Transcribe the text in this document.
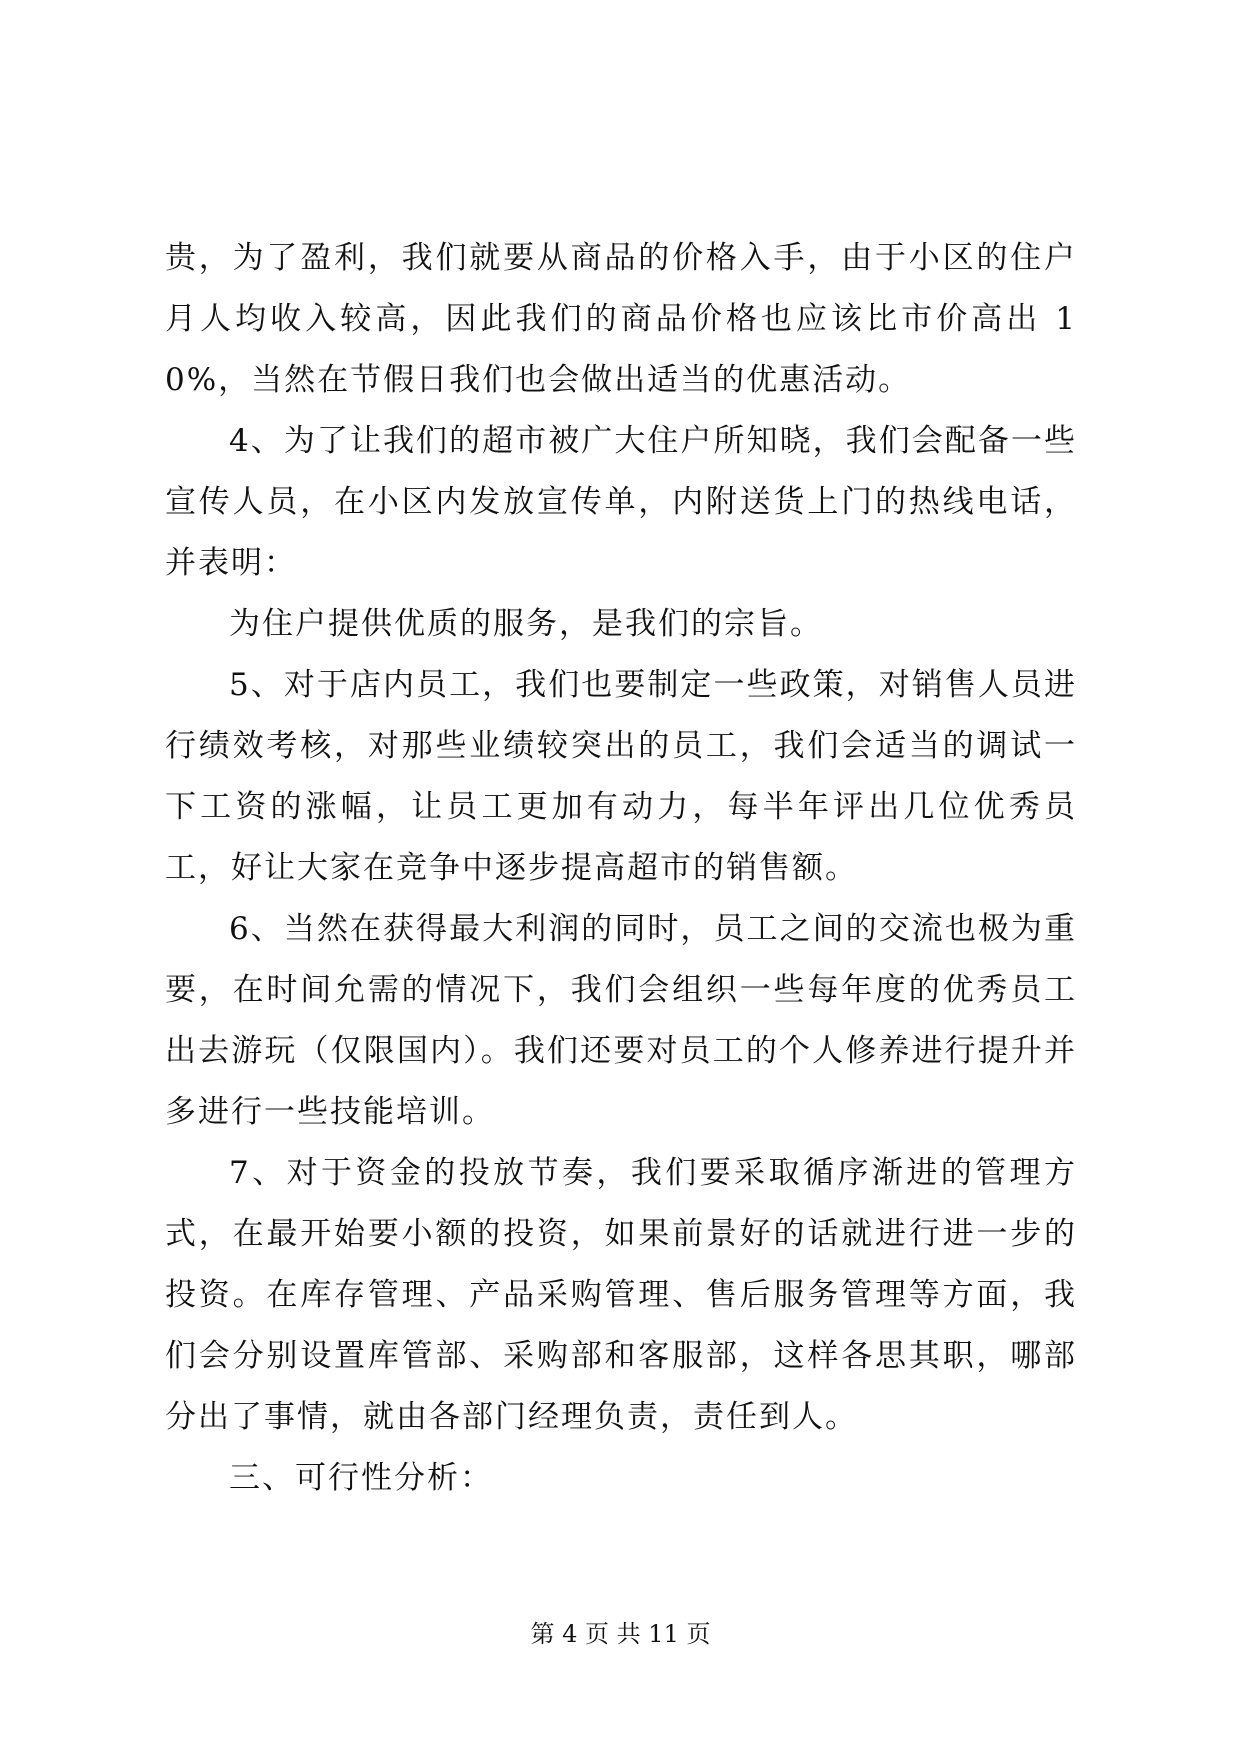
贵，为了盈利，我们就要从商品的价格入手，由于小区的住户月人均收入较高，因此我们的商品价格也应该比市价高出 10%，当然在节假日我们也会做出适当的优惠活动。

4、为了让我们的超市被广大住户所知晓，我们会配备一些宣传人员，在小区内发放宣传单，内附送货上门的热线电话，并表明：

为住户提供优质的服务，是我们的宗旨。

5、对于店内员工，我们也要制定一些政策，对销售人员进行绩效考核，对那些业绩较突出的员工，我们会适当的调试一下工资的涨幅，让员工更加有动力，每半年评出几位优秀员工，好让大家在竞争中逐步提高超市的销售额。

6、当然在获得最大利润的同时，员工之间的交流也极为重要，在时间允需的情况下，我们会组织一些每年度的优秀员工出去游玩（仅限国内）。我们还要对员工的个人修养进行提升并多进行一些技能培训。

7、对于资金的投放节奏，我们要采取循序渐进的管理方式，在最开始要小额的投资，如果前景好的话就进行进一步的投资。在库存管理、产品采购管理、售后服务管理等方面，我们会分别设置库管部、采购部和客服部，这样各思其职，哪部分出了事情，就由各部门经理负责，责任到人。

三、可行性分析：

第 4 页 共 11 页
